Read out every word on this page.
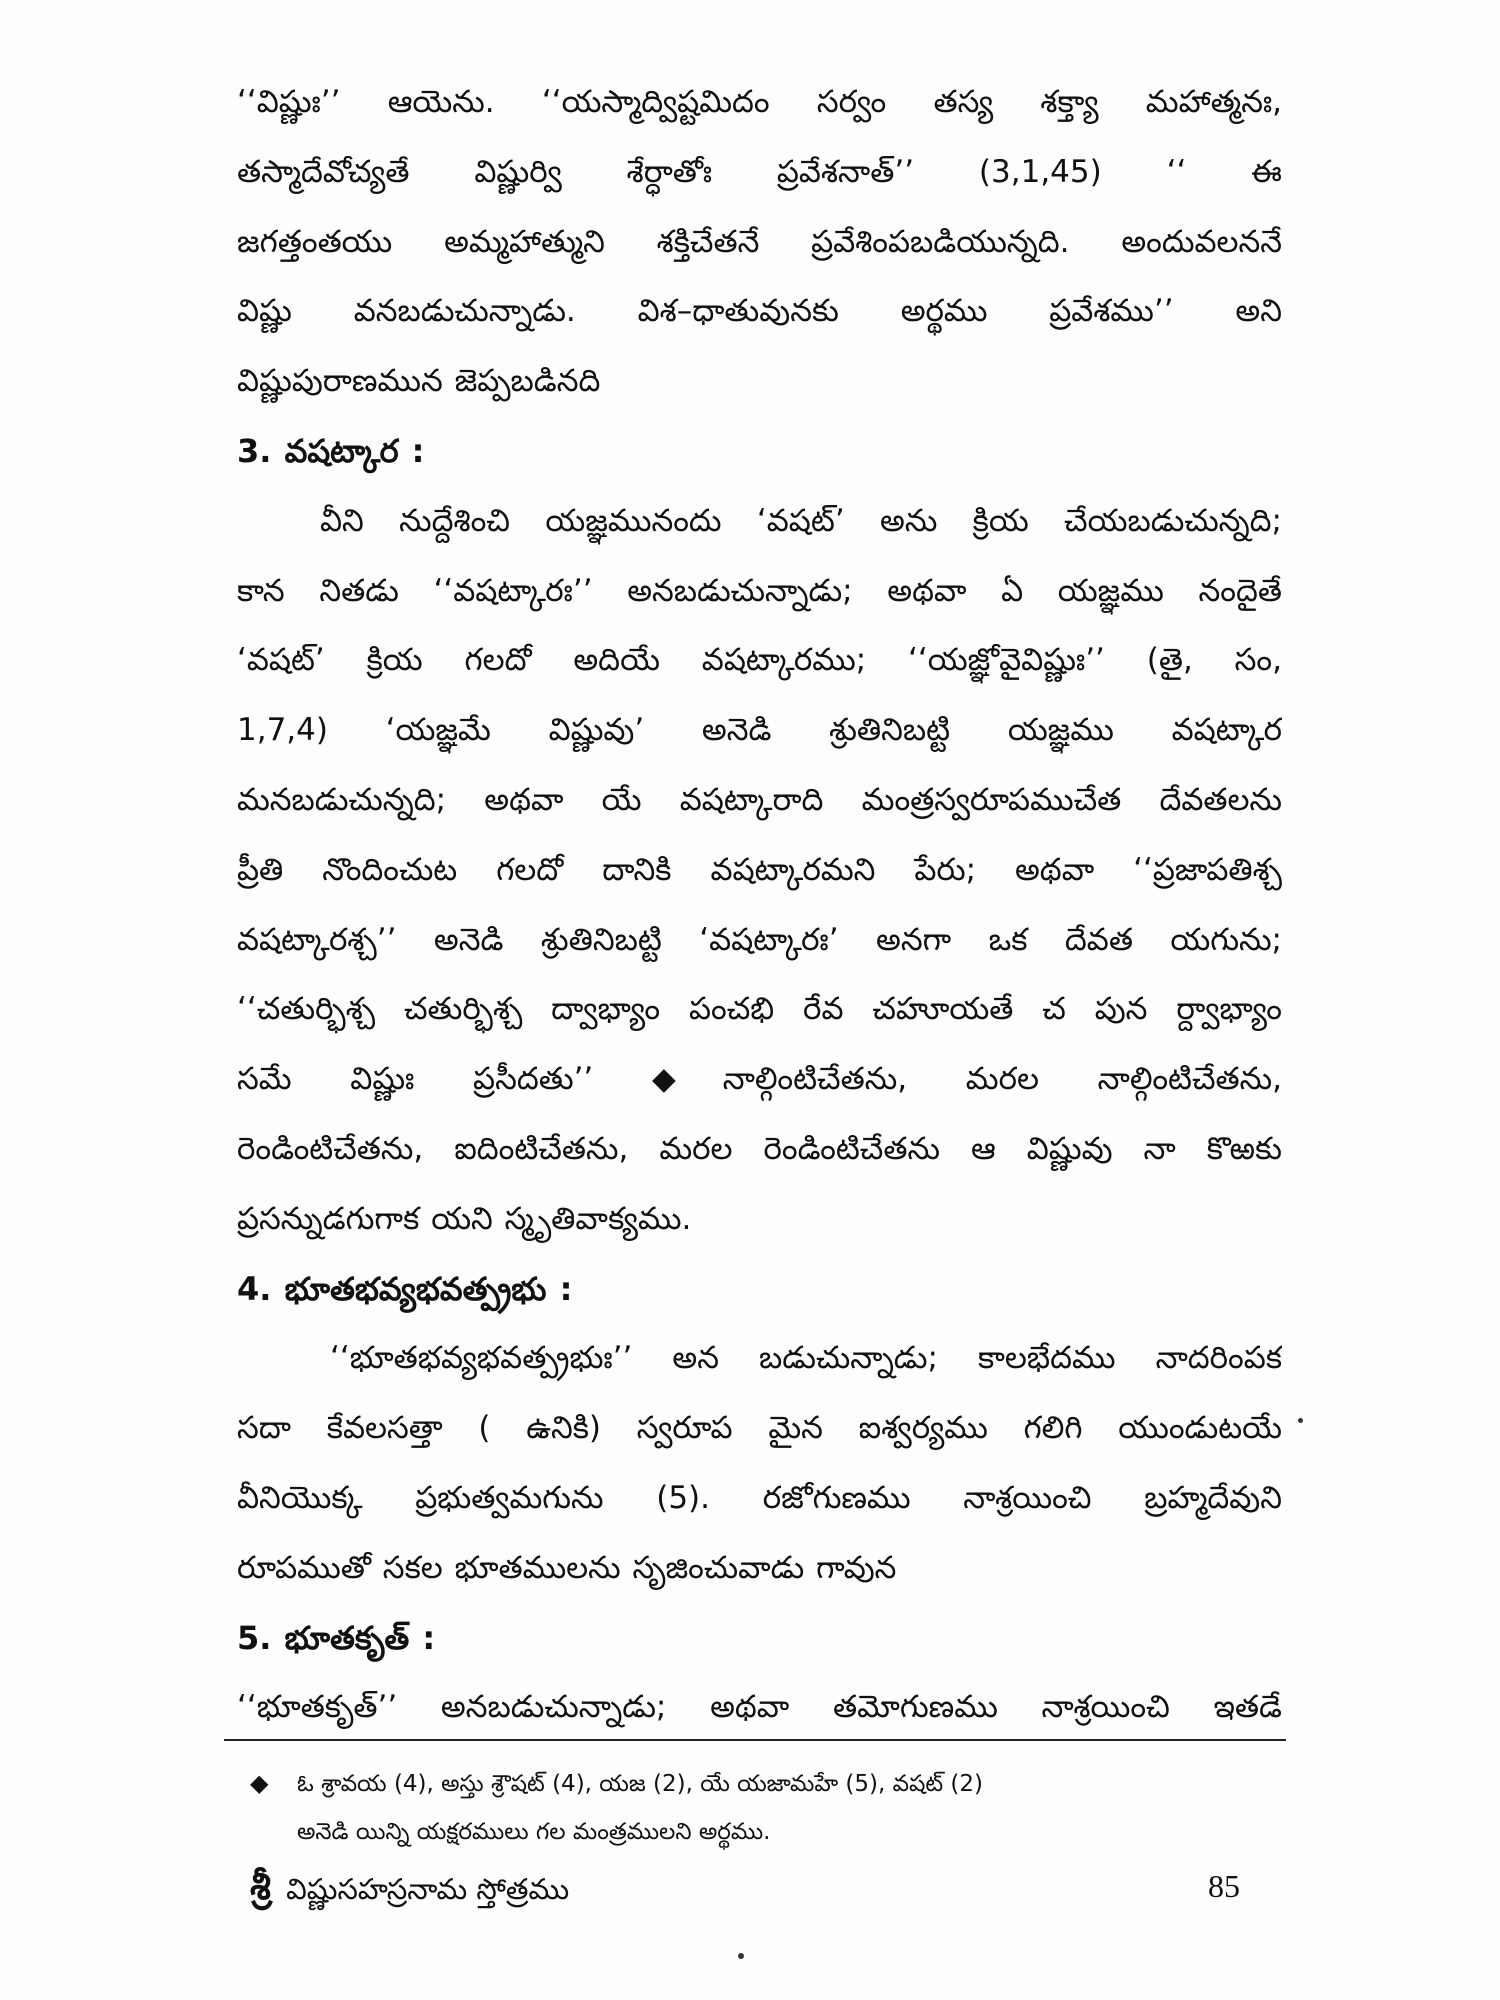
‘‘విష్ణుః’’ ఆయెను. ‘‘యస్మాద్విష్టమిదం సర్వం తస్య శక్త్యా మహాత్మనః,
తస్మాదేవోచ్యతే విష్ణుర్వి శేర్ధాతోః ప్రవేశనాత్’’ (3,1,45) ‘‘ ఈ
జగత్తంతయు అమ్మహాత్ముని శక్తిచేతనే ప్రవేశింపబడియున్నది. అందువలననే
విష్ణు వనబడుచున్నాడు. విశ–ధాతువునకు అర్థము ప్రవేశము’’ అని
విష్ణుపురాణమున జెప్పబడినది
3. వషట్కార :
వీని నుద్దేశించి యజ్ఞమునందు ‘వషట్’ అను క్రియ చేయబడుచున్నది;
కాన నితడు ‘‘వషట్కారః’’ అనబడుచున్నాడు; అథవా ఏ యజ్ఞము నందైతే
‘వషట్’ క్రియ గలదో అదియే వషట్కారము; ‘‘యజ్ఞోవైవిష్ణుః’’ (తై, సం,
1,7,4) ‘యజ్ఞమే విష్ణువు’ అనెడి శ్రుతినిబట్టి యజ్ఞము వషట్కార
మనబడుచున్నది; అథవా యే వషట్కారాది మంత్రస్వరూపముచేత దేవతలను
ప్రీతి నొందించుట గలదో దానికి వషట్కారమని పేరు; అథవా ‘‘ప్రజాపతిశ్చ
వషట్కారశ్చ’’ అనెడి శ్రుతినిబట్టి ‘వషట్కారః’ అనగా ఒక దేవత యగును;
‘‘చతుర్భిశ్చ చతుర్భిశ్చ ద్వాభ్యాం పంచభి రేవ చహూయతే చ పున ర్ద్వాభ్యాం
సమే విష్ణుః ప్రసీదతు’’ ◆నాల్గింటిచేతను, మరల నాల్గింటిచేతను,
రెండింటిచేతను, ఐదింటిచేతను, మరల రెండింటిచేతను ఆ విష్ణువు నా కొఱకు
ప్రసన్నుడగుగాక యని స్మృతివాక్యము.
4. భూతభవ్యభవత్ప్రభు :
‘‘భూతభవ్యభవత్ప్రభుః’’ అన బడుచున్నాడు; కాలభేదము నాదరింపక
సదా కేవలసత్తా ( ఉనికి) స్వరూప మైన ఐశ్వర్యము గలిగి యుండుటయే
వీనియొక్క ప్రభుత్వమగును (5). రజోగుణము నాశ్రయించి బ్రహ్మదేవుని
రూపముతో సకల భూతములను సృజించువాడు గావున
5. భూతకృత్ :
‘‘భూతకృత్’’ అనబడుచున్నాడు; అథవా తమోగుణము నాశ్రయించి ఇతడే
◆	ఓ శ్రావయ (4), అస్తు శ్రౌషట్ (4), యజ (2), యే యజామహే (5), వషట్ (2)
అనెడి యిన్ని యక్షరములు గల మంత్రములని అర్థము.
శ్రీ విష్ణుసహస్రనామ స్తోత్రము	85
